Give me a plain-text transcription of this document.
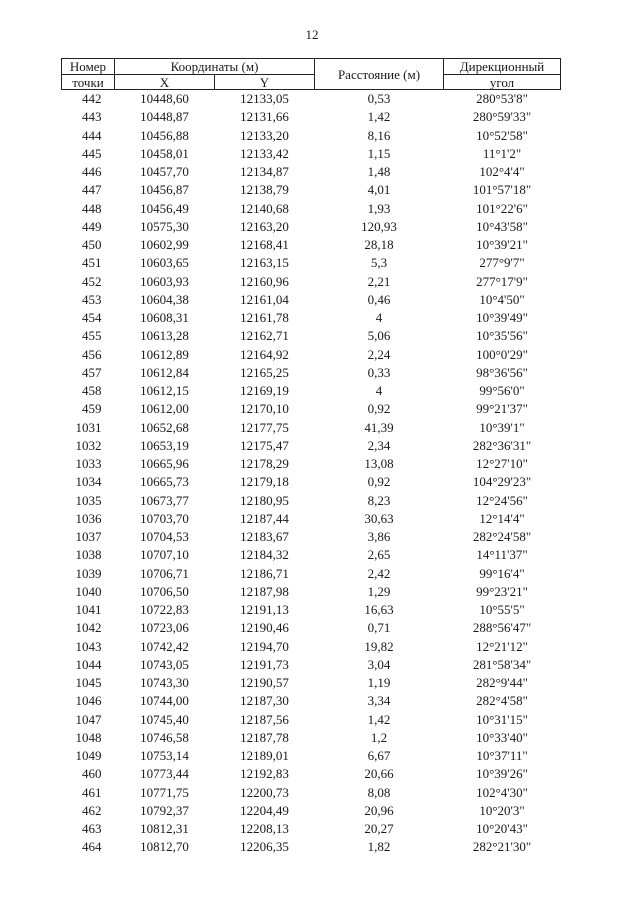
12
Номер	Координаты (м)		Расстояние (м)	Дирекционный
точки	X	Y		угол
442	10448,60	12133,05	0,53	280°53'8"
443	10448,87	12131,66	1,42	280°59'33"
444	10456,88	12133,20	8,16	10°52'58"
445	10458,01	12133,42	1,15	11°1'2"
446	10457,70	12134,87	1,48	102°4'4"
447	10456,87	12138,79	4,01	101°57'18"
448	10456,49	12140,68	1,93	101°22'6"
449	10575,30	12163,20	120,93	10°43'58"
450	10602,99	12168,41	28,18	10°39'21"
451	10603,65	12163,15	5,3	277°9'7"
452	10603,93	12160,96	2,21	277°17'9"
453	10604,38	12161,04	0,46	10°4'50"
454	10608,31	12161,78	4	10°39'49"
455	10613,28	12162,71	5,06	10°35'56"
456	10612,89	12164,92	2,24	100°0'29"
457	10612,84	12165,25	0,33	98°36'56"
458	10612,15	12169,19	4	99°56'0"
459	10612,00	12170,10	0,92	99°21'37"
1031	10652,68	12177,75	41,39	10°39'1"
1032	10653,19	12175,47	2,34	282°36'31"
1033	10665,96	12178,29	13,08	12°27'10"
1034	10665,73	12179,18	0,92	104°29'23"
1035	10673,77	12180,95	8,23	12°24'56"
1036	10703,70	12187,44	30,63	12°14'4"
1037	10704,53	12183,67	3,86	282°24'58"
1038	10707,10	12184,32	2,65	14°11'37"
1039	10706,71	12186,71	2,42	99°16'4"
1040	10706,50	12187,98	1,29	99°23'21"
1041	10722,83	12191,13	16,63	10°55'5"
1042	10723,06	12190,46	0,71	288°56'47"
1043	10742,42	12194,70	19,82	12°21'12"
1044	10743,05	12191,73	3,04	281°58'34"
1045	10743,30	12190,57	1,19	282°9'44"
1046	10744,00	12187,30	3,34	282°4'58"
1047	10745,40	12187,56	1,42	10°31'15"
1048	10746,58	12187,78	1,2	10°33'40"
1049	10753,14	12189,01	6,67	10°37'11"
460	10773,44	12192,83	20,66	10°39'26"
461	10771,75	12200,73	8,08	102°4'30"
462	10792,37	12204,49	20,96	10°20'3"
463	10812,31	12208,13	20,27	10°20'43"
464	10812,70	12206,35	1,82	282°21'30"
